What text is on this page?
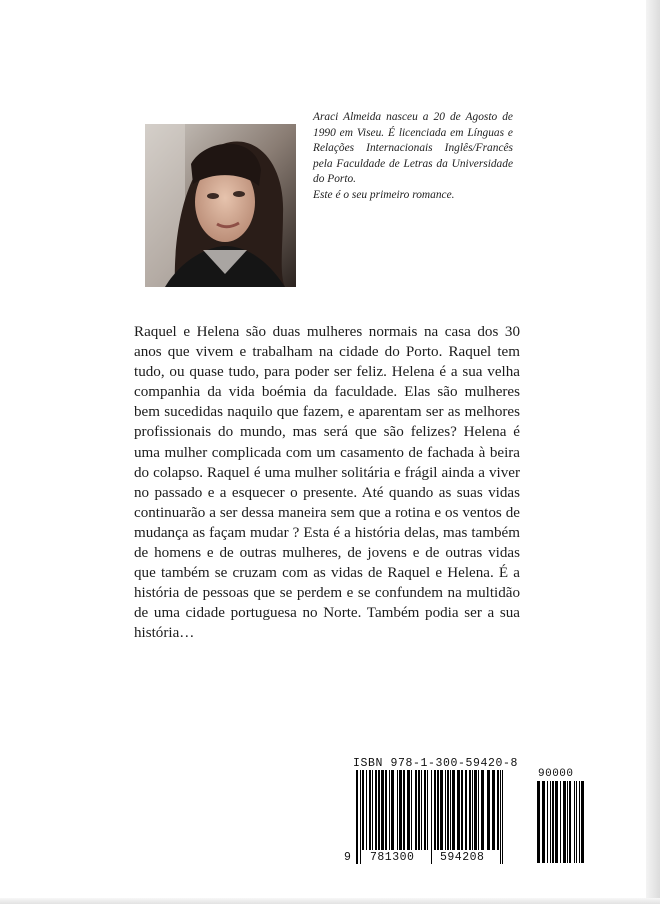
Araci Almeida nasceu a 20 de Agosto de 1990 em Viseu. É licenciada em Línguas e Relações Internacionais Inglês/Francês pela Faculdade de Letras da Universidade do Porto.

Este é o seu primeiro romance.

Raquel e Helena são duas mulheres normais na casa dos 30 anos que vivem e trabalham na cidade do Porto. Raquel tem tudo, ou quase tudo, para poder ser feliz. Helena é a sua velha companhia da vida boémia da faculdade. Elas são mulheres bem sucedidas naquilo que fazem, e aparentam ser as melhores profissionais do mundo, mas será que são felizes? Helena é uma mulher complicada com um casamento de fachada à beira do colapso. Raquel é uma mulher solitária e frágil ainda a viver no passado e a esquecer o presente. Até quando as suas vidas continuarão a ser dessa maneira sem que a rotina e os ventos de mudança as façam mudar ? Esta é a história delas, mas também de homens e de outras mulheres, de jovens e de outras vidas que também se cruzam com as vidas de Raquel e Helena. É a história de pessoas que se perdem e se confundem na multidão de uma cidade portuguesa no Norte. Também podia ser a sua história…
ISBN 978-1-300-59420-8
90000
9 781300 594208
